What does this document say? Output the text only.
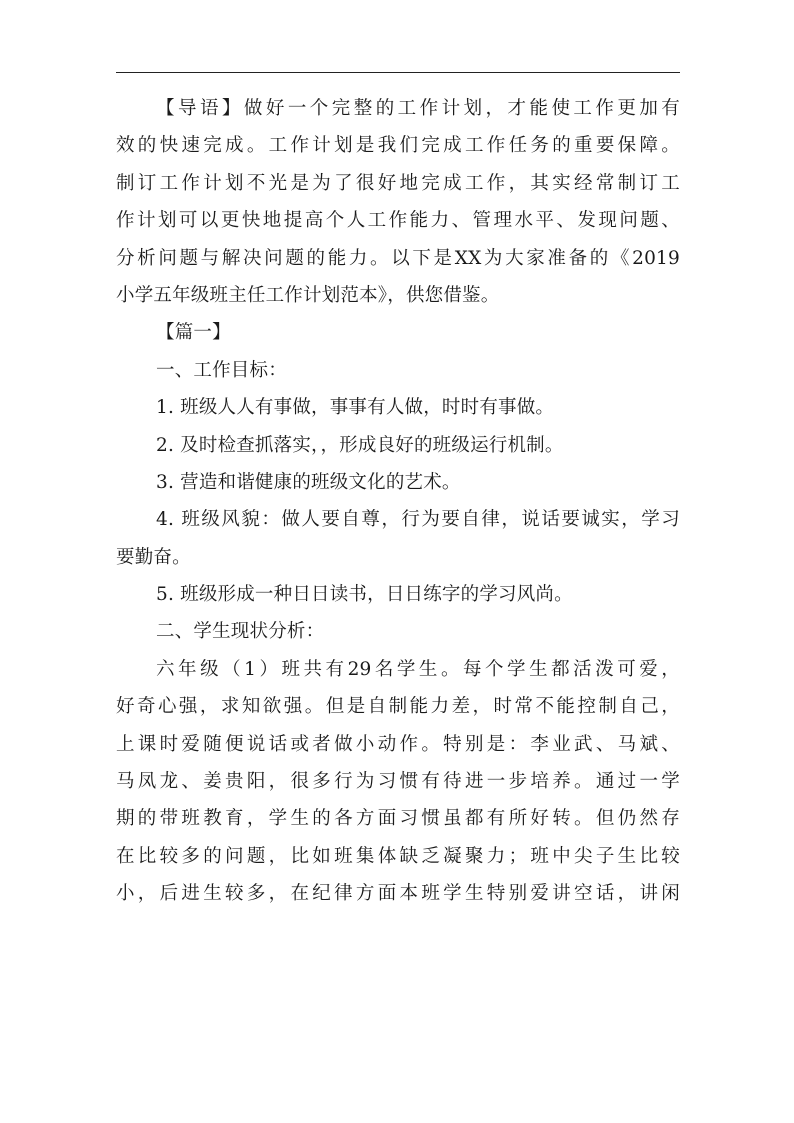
【导语】做好一个完整的工作计划，才能使工作更加有
效的快速完成。工作计划是我们完成工作任务的重要保障。
制订工作计划不光是为了很好地完成工作，其实经常制订工
作计划可以更快地提高个人工作能力、管理水平、发现问题、
分析问题与解决问题的能力。以下是XX为大家准备的《2019
小学五年级班主任工作计划范本》，供您借鉴。
【篇一】
一、工作目标：
1. 班级人人有事做，事事有人做，时时有事做。
2. 及时检查抓落实，，形成良好的班级运行机制。
3. 营造和谐健康的班级文化的艺术。
4. 班级风貌：做人要自尊，行为要自律，说话要诚实，学习
要勤奋。
5. 班级形成一种日日读书，日日练字的学习风尚。
二、学生现状分析：
六年级（1）班共有29名学生。每个学生都活泼可爱，
好奇心强，求知欲强。但是自制能力差，时常不能控制自己，
上课时爱随便说话或者做小动作。特别是：李业武、马斌、
马凤龙、姜贵阳，很多行为习惯有待进一步培养。通过一学
期的带班教育，学生的各方面习惯虽都有所好转。但仍然存
在比较多的问题，比如班集体缺乏凝聚力；班中尖子生比较
小，后进生较多，在纪律方面本班学生特别爱讲空话，讲闲
